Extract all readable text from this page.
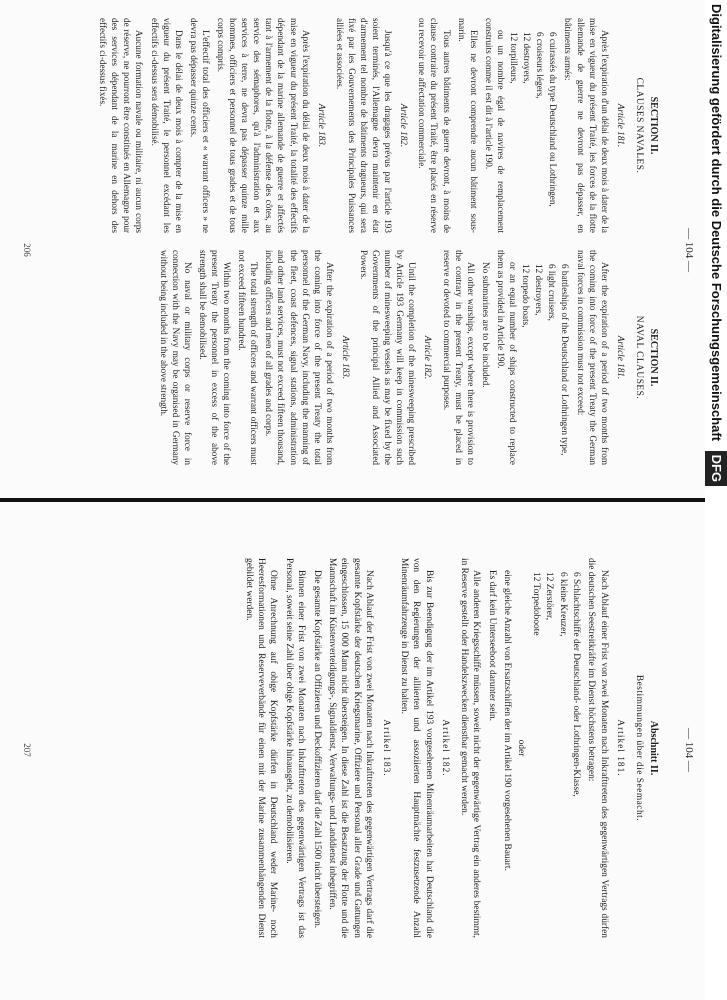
— 104 —
SECTION II.
CLAUSES NAVALES.
Article 181.

Après l'expiration d'un délai de deux mois à dater de la mise en vigueur du présent Traité, les forces de la flotte allemande de guerre ne devront pas dépasser, en bâtiments armés:

6 cuirassés du type Deutschland ou Lothringen,

6 croiseurs légers,

12 destroyers,

12 torpilleurs,

ou un nombre égal de navires de remplacement construits comme il est dit à l'article 190.

Elles ne devront comprendre aucun bâtiment sous-marin.

Tous autres bâtiments de guerre devront, à moins de clause contraire du présent Traité, être placés en réserve ou recevoir une affectation commerciale.

Article 182.

Jusqu'à ce que les dragages prévus par l'article 193 soient terminés, l'Allemagne devra maintenir en état d'armement tel nombre de bâtiments dragueurs, qui sera fixé par les Gouvernements des Principales Puissances alliées et associées.

Article 183.

Après l'expiration du délai de deux mois à dater de la mise en vigueur du présent Traité, la totalité des effectifs dépendant de la marine allemande de guerre et affectés tant à l'armement de la flotte, à la défense des côtes, au service des sémaphores, qu'à l'administration et aux services à terre, ne devra pas dépasser quinze mille hommes, officiers et personnel de tous grades et de tous corps compris.

L'effectif total des officiers et « warrant officers » ne devra pas dépasser quinze cents.

Dans le délai de deux mois à compter de la mise en vigueur du présent Traité, le personnel excédant les effectifs ci-dessus sera démobilisé.

Aucune formation navale ou militaire, ni aucun corps de réserve, ne pourront être constitués en Allemagne pour des services dépendant de la marine en dehors des effectifs ci-dessus fixés.

SECTION II.
NAVAL CLAUSES.
Article 181.

After the expiration of a period of two months from the coming into force of the present Treaty the German naval forces in commission must not exceed:

6 battleships of the Deutschland or Lothringen type,

6 light cruisers,

12 destroyers,

12 torpedo boats,

or an equal number of ships constructed to replace them as provided in Article 190.

No submarines are to be included.

All other warships, except where there is provision to the contrary in the present Treaty, must be placed in reserve or devoted to commercial purposes.

Article 182.

Until the completion of the minesweeping prescribed by Article 193 Germany will keep in commission such number of minesweeping vessels as may be fixed by the Governments of the principal Allied and Associated Powers.

Article 183.

After the expiration of a period of two months from the coming into force of the present Treaty the total personnel of the German Navy, including the manning of the fleet, coast defences, signal stations, administration and other land services, must not exceed fifteen thousand, including officers and men of all grades and corps.

The total strength of officers and warrant officers must not exceed fifteen hundred.

Within two months from the coming into force of the present Treaty the personnel in excess of the above strength shall be demobilised.

No naval or military corps or reserve force in connection with the Navy may be organised in Germany without being included in the above strength.

206
— 104 —
Abschnitt II.
Bestimmungen über die Seemacht.
Artikel 181.

Nach Ablauf einer Frist von zwei Monaten nach Inkrafttreten des gegenwärtigen Vertrags dürfen die deutschen Seestreitkräfte im Dienst höchstens betragen:

6 Schlachtschiffe der Deutschland- oder Lothringen-Klasse,

6 kleine Kreuzer,

12 Zerstörer,

12 Torpedoboote

oder

eine gleiche Anzahl von Ersatzschiffen der im Artikel 190 vorgesehenen Bauart.

Es darf kein Unterseeboot darunter sein.

Alle anderen Kriegsschiffe müssen, soweit nicht der gegenwärtige Vertrag ein anderes bestimmt, in Reserve gestellt oder Handelszwecken dienstbar gemacht werden.

Artikel 182.

Bis zur Beendigung der im Artikel 193 vorgesehenen Minenräumarbeiten hat Deutschland die von den Regierungen der alliierten und assoziierten Hauptmächte festzusetzende Anzahl Minenräumfahrzeuge in Dienst zu halten.

Artikel 183.

Nach Ablauf der Frist von zwei Monaten nach Inkrafttreten des gegenwärtigen Vertrags darf die gesamte Kopfstärke der deutschen Kriegsmarine, Offiziere und Personal aller Grade und Gattungen eingeschlossen, 15 000 Mann nicht übersteigen. In diese Zahl ist die Besatzung der Flotte und die Mannschaft im Küstenverteidigungs-, Signaldienst, Verwaltungs- und Landdienst inbegriffen.

Die gesamte Kopfstärke an Offizieren und Deckoffizieren darf die Zahl 1500 nicht übersteigen.

Binnen einer Frist von zwei Monaten nach Inkrafttreten des gegenwärtigen Vertrags ist das Personal, soweit seine Zahl über obige Kopfstärke hinausgeht, zu demobilisieren.

Ohne Anrechnung auf obige Kopfstärke dürfen in Deutschland weder Marine- noch Heeresformationen und Reserveverbände für einen mit der Marine zusammenhängenden Dienst gebildet werden.

207
Digitalisierung gefördert durch die Deutsche Forschungsgemeinschaft DFG
